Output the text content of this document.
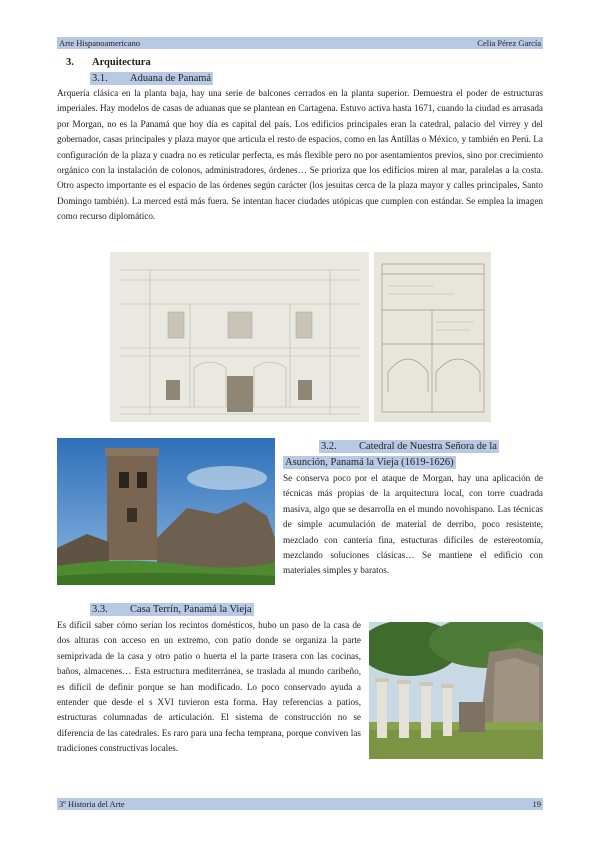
Arte Hispanoamericano	Celia Pérez García
3. Arquitectura
3.1. Aduana de Panamá

Arquería clásica en la planta baja, hay una serie de balcones cerrados en la planta superior. Demuestra el poder de estructuras imperiales. Hay modelos de casas de aduanas que se plantean en Cartagena. Estuvo activa hasta 1671, cuando la ciudad es arrasada por Morgan, no es la Panamá que hoy día es capital del país. Los edificios principales eran la catedral, palacio del virrey y del gobernador, casas principales y plaza mayor que articula el resto de espacios, como en las Antillas o México, y también en Perú. La configuración de la plaza y cuadra no es reticular perfecta, es más flexible pero no por asentamientos previos, sino por crecimiento orgánico con la instalación de colonos, administradores, órdenes… Se prioriza que los edificios miren al mar, paralelas a la costa. Otro aspecto importante es el espacio de las órdenes según carácter (los jesuitas cerca de la plaza mayor y calles principales, Santo Domingo también). La merced está más fuera. Se intentan hacer ciudades utópicas que cumplen con estándar. Se emplea la imagen como recurso diplomático.

3.2. Catedral de Nuestra Señora de la
Asunción, Panamá la Vieja (1619-1626)

Se conserva poco por el ataque de Morgan, hay una aplicación de técnicas más propias de la arquitectura local, con torre cuadrada masiva, algo que se desarrolla en el mundo novohispano. Las técnicas de simple acumulación de material de derribo, poco resistente, mezclado con cantería fina, estucturas difíciles de estereotomía, mezclando soluciones clásicas… Se mantiene el edificio con materiales simples y baratos.

3.3. Casa Terrín, Panamá la Vieja

Es difícil saber cómo serían los recintos domésticos, hubo un paso de la casa de dos alturas con acceso en un extremo, con patio donde se organiza la parte semiprivada de la casa y otro patio o huerta el la parte trasera con las cocinas, baños, almacenes… Esta estructura mediterránea, se traslada al mundo caribeño, es difícil de definir porque se han modificado. Lo poco conservado ayuda a entender que desde el s XVI tuvieron esta forma. Hay referencias a patios, estructuras columnadas de articulación. El sistema de construcción no se diferencia de las catedrales. Es raro para una fecha temprana, porque conviven las tradiciones constructivas locales.

3º Historia del Arte	19
